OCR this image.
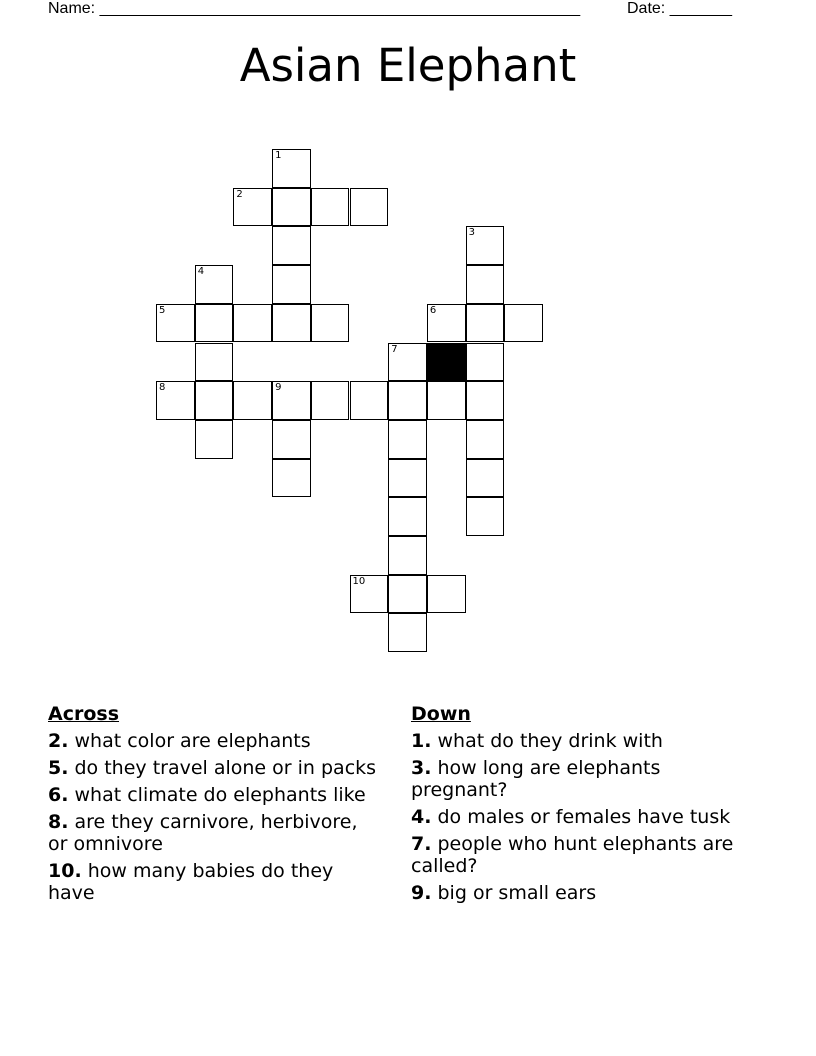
Name: ______________________________________________________	Date: _______
Asian Elephant
1
2
3
4
5	6
7
8	9
10
Across
2. what color are elephants
5. do they travel alone or in packs
6. what climate do elephants like
8. are they carnivore, herbivore, or omnivore
10. how many babies do they have
Down
1. what do they drink with
3. how long are elephants pregnant?
4. do males or females have tusk
7. people who hunt elephants are called?
9. big or small ears
